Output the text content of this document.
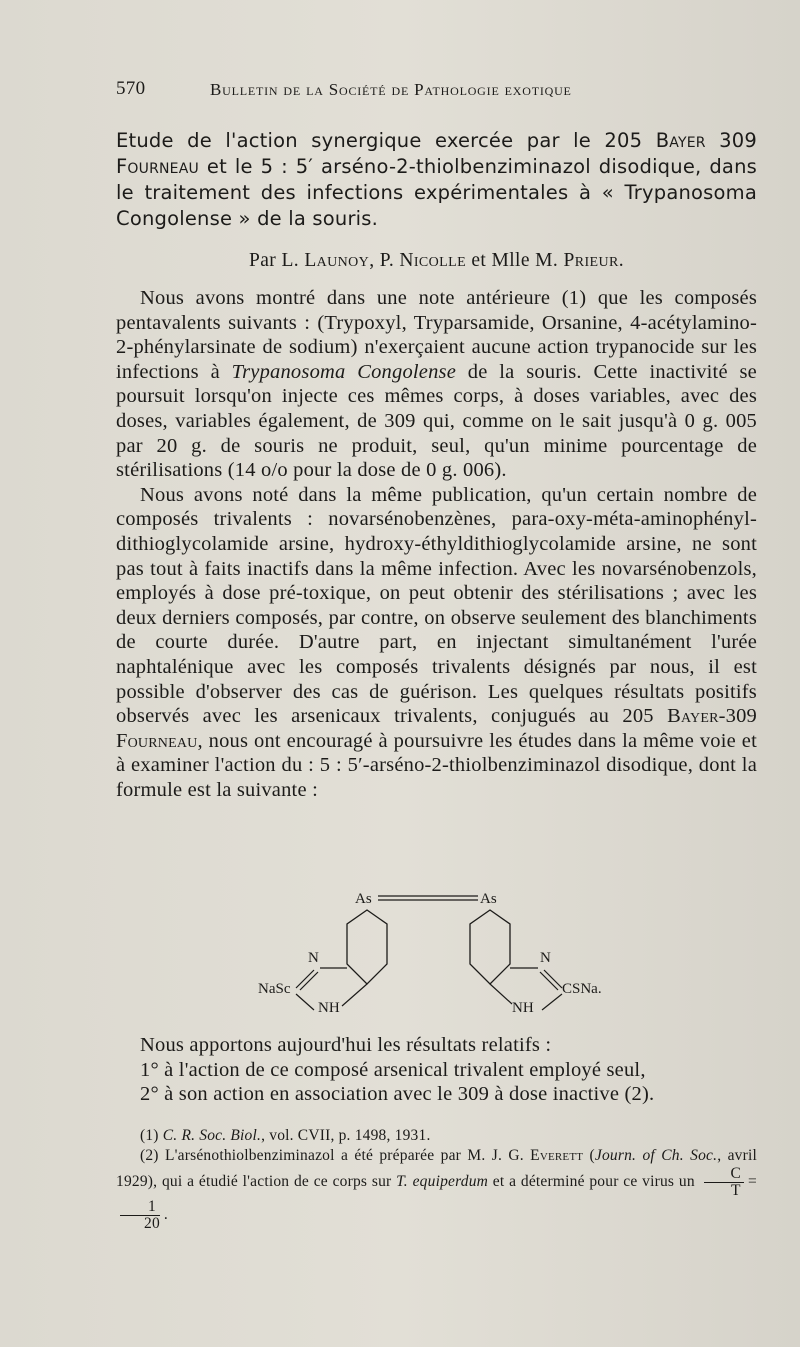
570	Bulletin de la Société de Pathologie exotique
Etude de l'action synergique exercée par le 205 Bayer 309 Fourneau et le 5 : 5′ arséno-2-thiolbenziminazol disodique, dans le traitement des infections expérimentales à « Trypanosoma Congolense » de la souris.
Par L. Launoy, P. Nicolle et Mlle M. Prieur.

Nous avons montré dans une note antérieure (1) que les composés pentavalents suivants : (Trypoxyl, Tryparsamide, Orsanine, 4-acétylamino-2-phénylarsinate de sodium) n'exerçaient aucune action trypanocide sur les infections à Trypanosoma Congolense de la souris. Cette inactivité se poursuit lorsqu'on injecte ces mêmes corps, à doses variables, avec des doses, variables également, de 309 qui, comme on le sait jusqu'à 0 g. 005 par 20 g. de souris ne produit, seul, qu'un minime pourcentage de stérilisations (14 o/o pour la dose de 0 g. 006).

Nous avons noté dans la même publication, qu'un certain nombre de composés trivalents : novarsénobenzènes, para-oxy-méta-aminophényl-dithioglycolamide arsine, hydroxy-éthyldithioglycolamide arsine, ne sont pas tout à faits inactifs dans la même infection. Avec les novarsénobenzols, employés à dose pré-toxique, on peut obtenir des stérilisations ; avec les deux derniers composés, par contre, on observe seulement des blanchiments de courte durée. D'autre part, en injectant simultanément l'urée naphtalénique avec les composés trivalents désignés par nous, il est possible d'observer des cas de guérison. Les quelques résultats positifs observés avec les arsenicaux trivalents, conjugués au 205 Bayer-309 Fourneau, nous ont encouragé à poursuivre les études dans la même voie et à examiner l'action du : 5 : 5′-arséno-2-thiolbenziminazol disodique, dont la formule est la suivante :

As	As
N
NaSc
NH
N
CSNa.
NH

Nous apportons aujourd'hui les résultats relatifs :

1° à l'action de ce composé arsenical trivalent employé seul,

2° à son action en association avec le 309 à dose inactive (2).

(1) C. R. Soc. Biol., vol. CVII, p. 1498, 1931.

(2) L'arsénothiolbenziminazol a été préparée par M. J. G. Everett (Journ. of Ch. Soc., avril 1929), qui a étudié l'action de ce corps sur T. equiperdum et a déterminé pour ce virus un $\frac{C}{T}$ =
$\frac{1}{20}$ .
